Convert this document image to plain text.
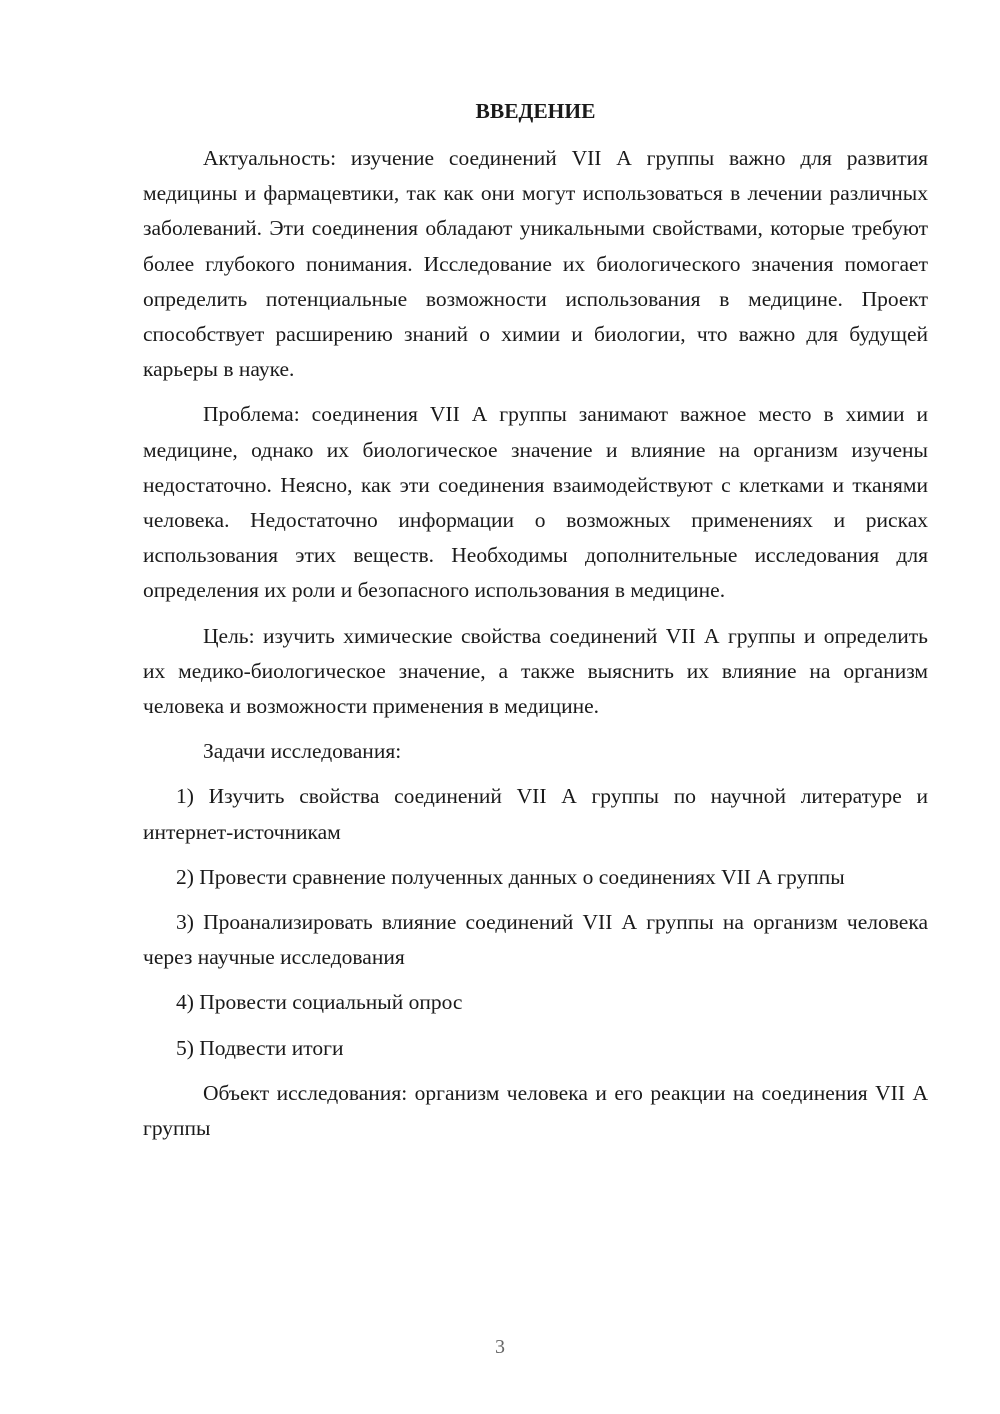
ВВЕДЕНИЕ

Актуальность: изучение соединений VII А группы важно для развития медицины и фармацевтики, так как они могут использоваться в лечении различных заболеваний. Эти соединения обладают уникальными свойствами, которые требуют более глубокого понимания. Исследование их биологического значения помогает определить потенциальные возможности использования в медицине. Проект способствует расширению знаний о химии и биологии, что важно для будущей карьеры в науке.

Проблема: соединения VII А группы занимают важное место в химии и медицине, однако их биологическое значение и влияние на организм изучены недостаточно. Неясно, как эти соединения взаимодействуют с клетками и тканями человека. Недостаточно информации о возможных применениях и рисках использования этих веществ. Необходимы дополнительные исследования для определения их роли и безопасного использования в медицине.

Цель: изучить химические свойства соединений VII А группы и определить их медико-биологическое значение, а также выяснить их влияние на организм человека и возможности применения в медицине.

Задачи исследования:

1) Изучить свойства соединений VII А группы по научной литературе и интернет-источникам

2) Провести сравнение полученных данных о соединениях VII А группы

3) Проанализировать влияние соединений VII А группы на организм человека через научные исследования

4) Провести социальный опрос

5) Подвести итоги

Объект исследования: организм человека и его реакции на соединения VII А группы

3
